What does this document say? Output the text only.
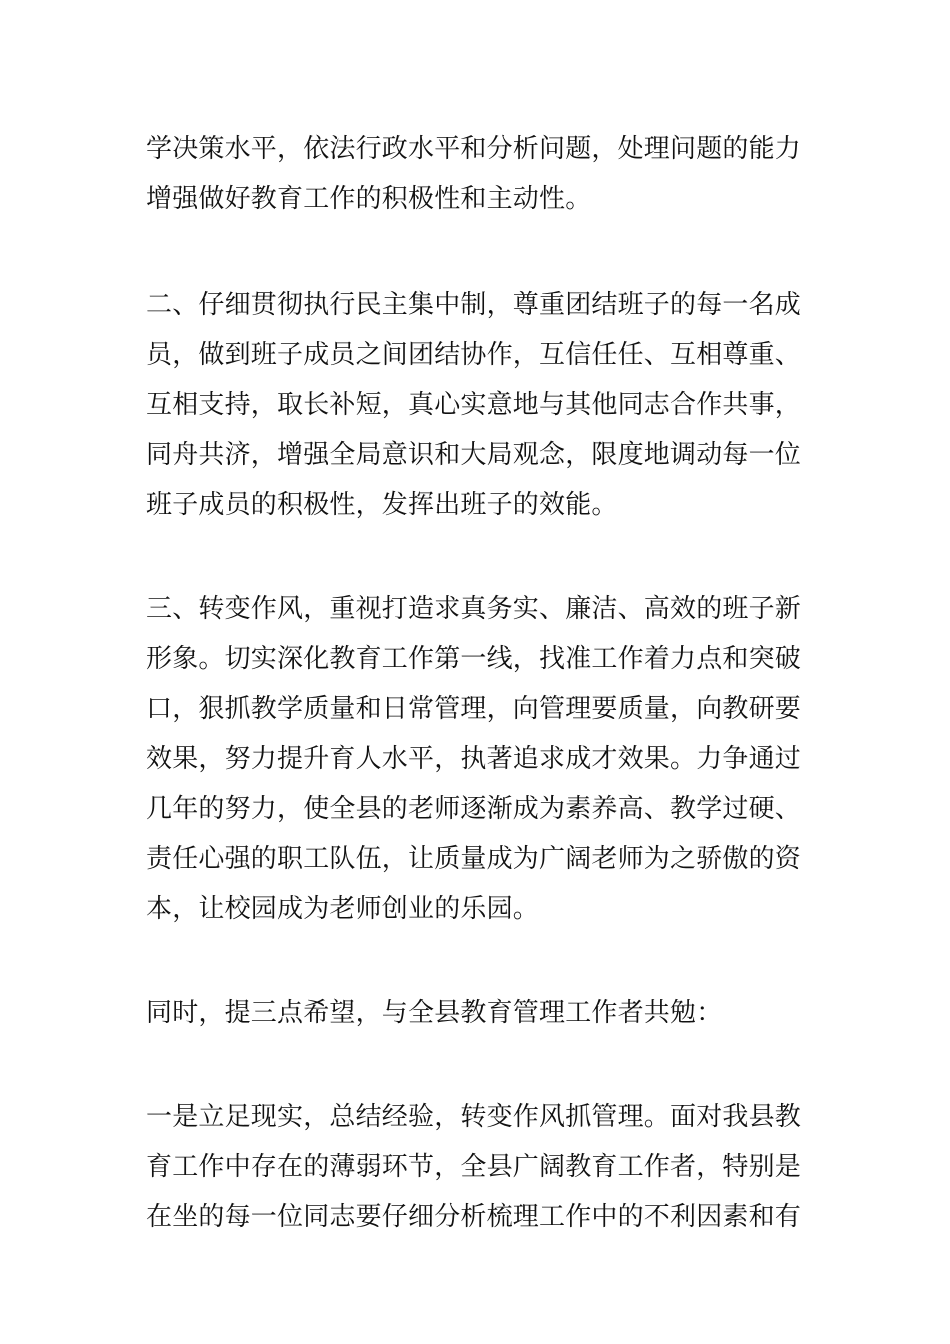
学决策水平，依法行政水平和分析问题，处理问题的能力
增强做好教育工作的积极性和主动性。

二、仔细贯彻执行民主集中制，尊重团结班子的每一名成
员，做到班子成员之间团结协作，互信任任、互相尊重、
互相支持，取长补短，真心实意地与其他同志合作共事，
同舟共济，增强全局意识和大局观念，限度地调动每一位
班子成员的积极性，发挥出班子的效能。

三、转变作风，重视打造求真务实、廉洁、高效的班子新
形象。切实深化教育工作第一线，找准工作着力点和突破
口，狠抓教学质量和日常管理，向管理要质量，向教研要
效果，努力提升育人水平，执著追求成才效果。力争通过
几年的努力，使全县的老师逐渐成为素养高、教学过硬、
责任心强的职工队伍，让质量成为广阔老师为之骄傲的资
本，让校园成为老师创业的乐园。

同时，提三点希望，与全县教育管理工作者共勉：

一是立足现实，总结经验，转变作风抓管理。面对我县教
育工作中存在的薄弱环节，全县广阔教育工作者，特别是
在坐的每一位同志要仔细分析梳理工作中的不利因素和有
